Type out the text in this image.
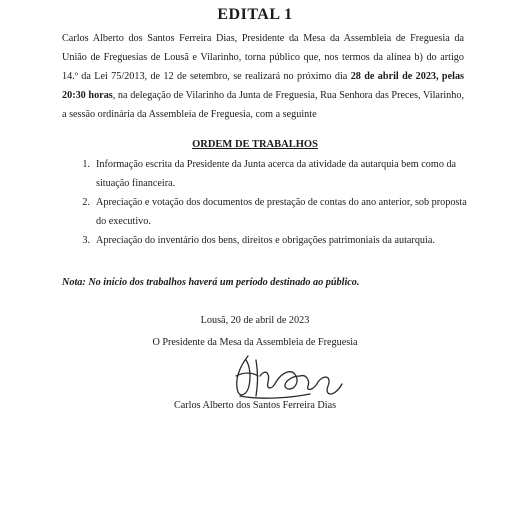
EDITAL 1
Carlos Alberto dos Santos Ferreira Dias, Presidente da Mesa da Assembleia de Freguesia da União de Freguesias de Lousã e Vilarinho, torna público que, nos termos da alínea b) do artigo 14.º da Lei 75/2013, de 12 de setembro, se realizará no próximo dia 28 de abril de 2023, pelas 20:30 horas, na delegação de Vilarinho da Junta de Freguesia, Rua Senhora das Preces, Vilarinho, a sessão ordinária da Assembleia de Freguesia, com a seguinte
ORDEM DE TRABALHOS
1. Informação escrita da Presidente da Junta acerca da atividade da autarquia bem como da situação financeira.
2. Apreciação e votação dos documentos de prestação de contas do ano anterior, sob proposta do executivo.
3. Apreciação do inventário dos bens, direitos e obrigações patrimoniais da autarquia.
Nota: No início dos trabalhos haverá um período destinado ao público.
Lousã, 20 de abril de 2023
O Presidente da Mesa da Assembleia de Freguesia
Carlos Alberto dos Santos Ferreira Dias
